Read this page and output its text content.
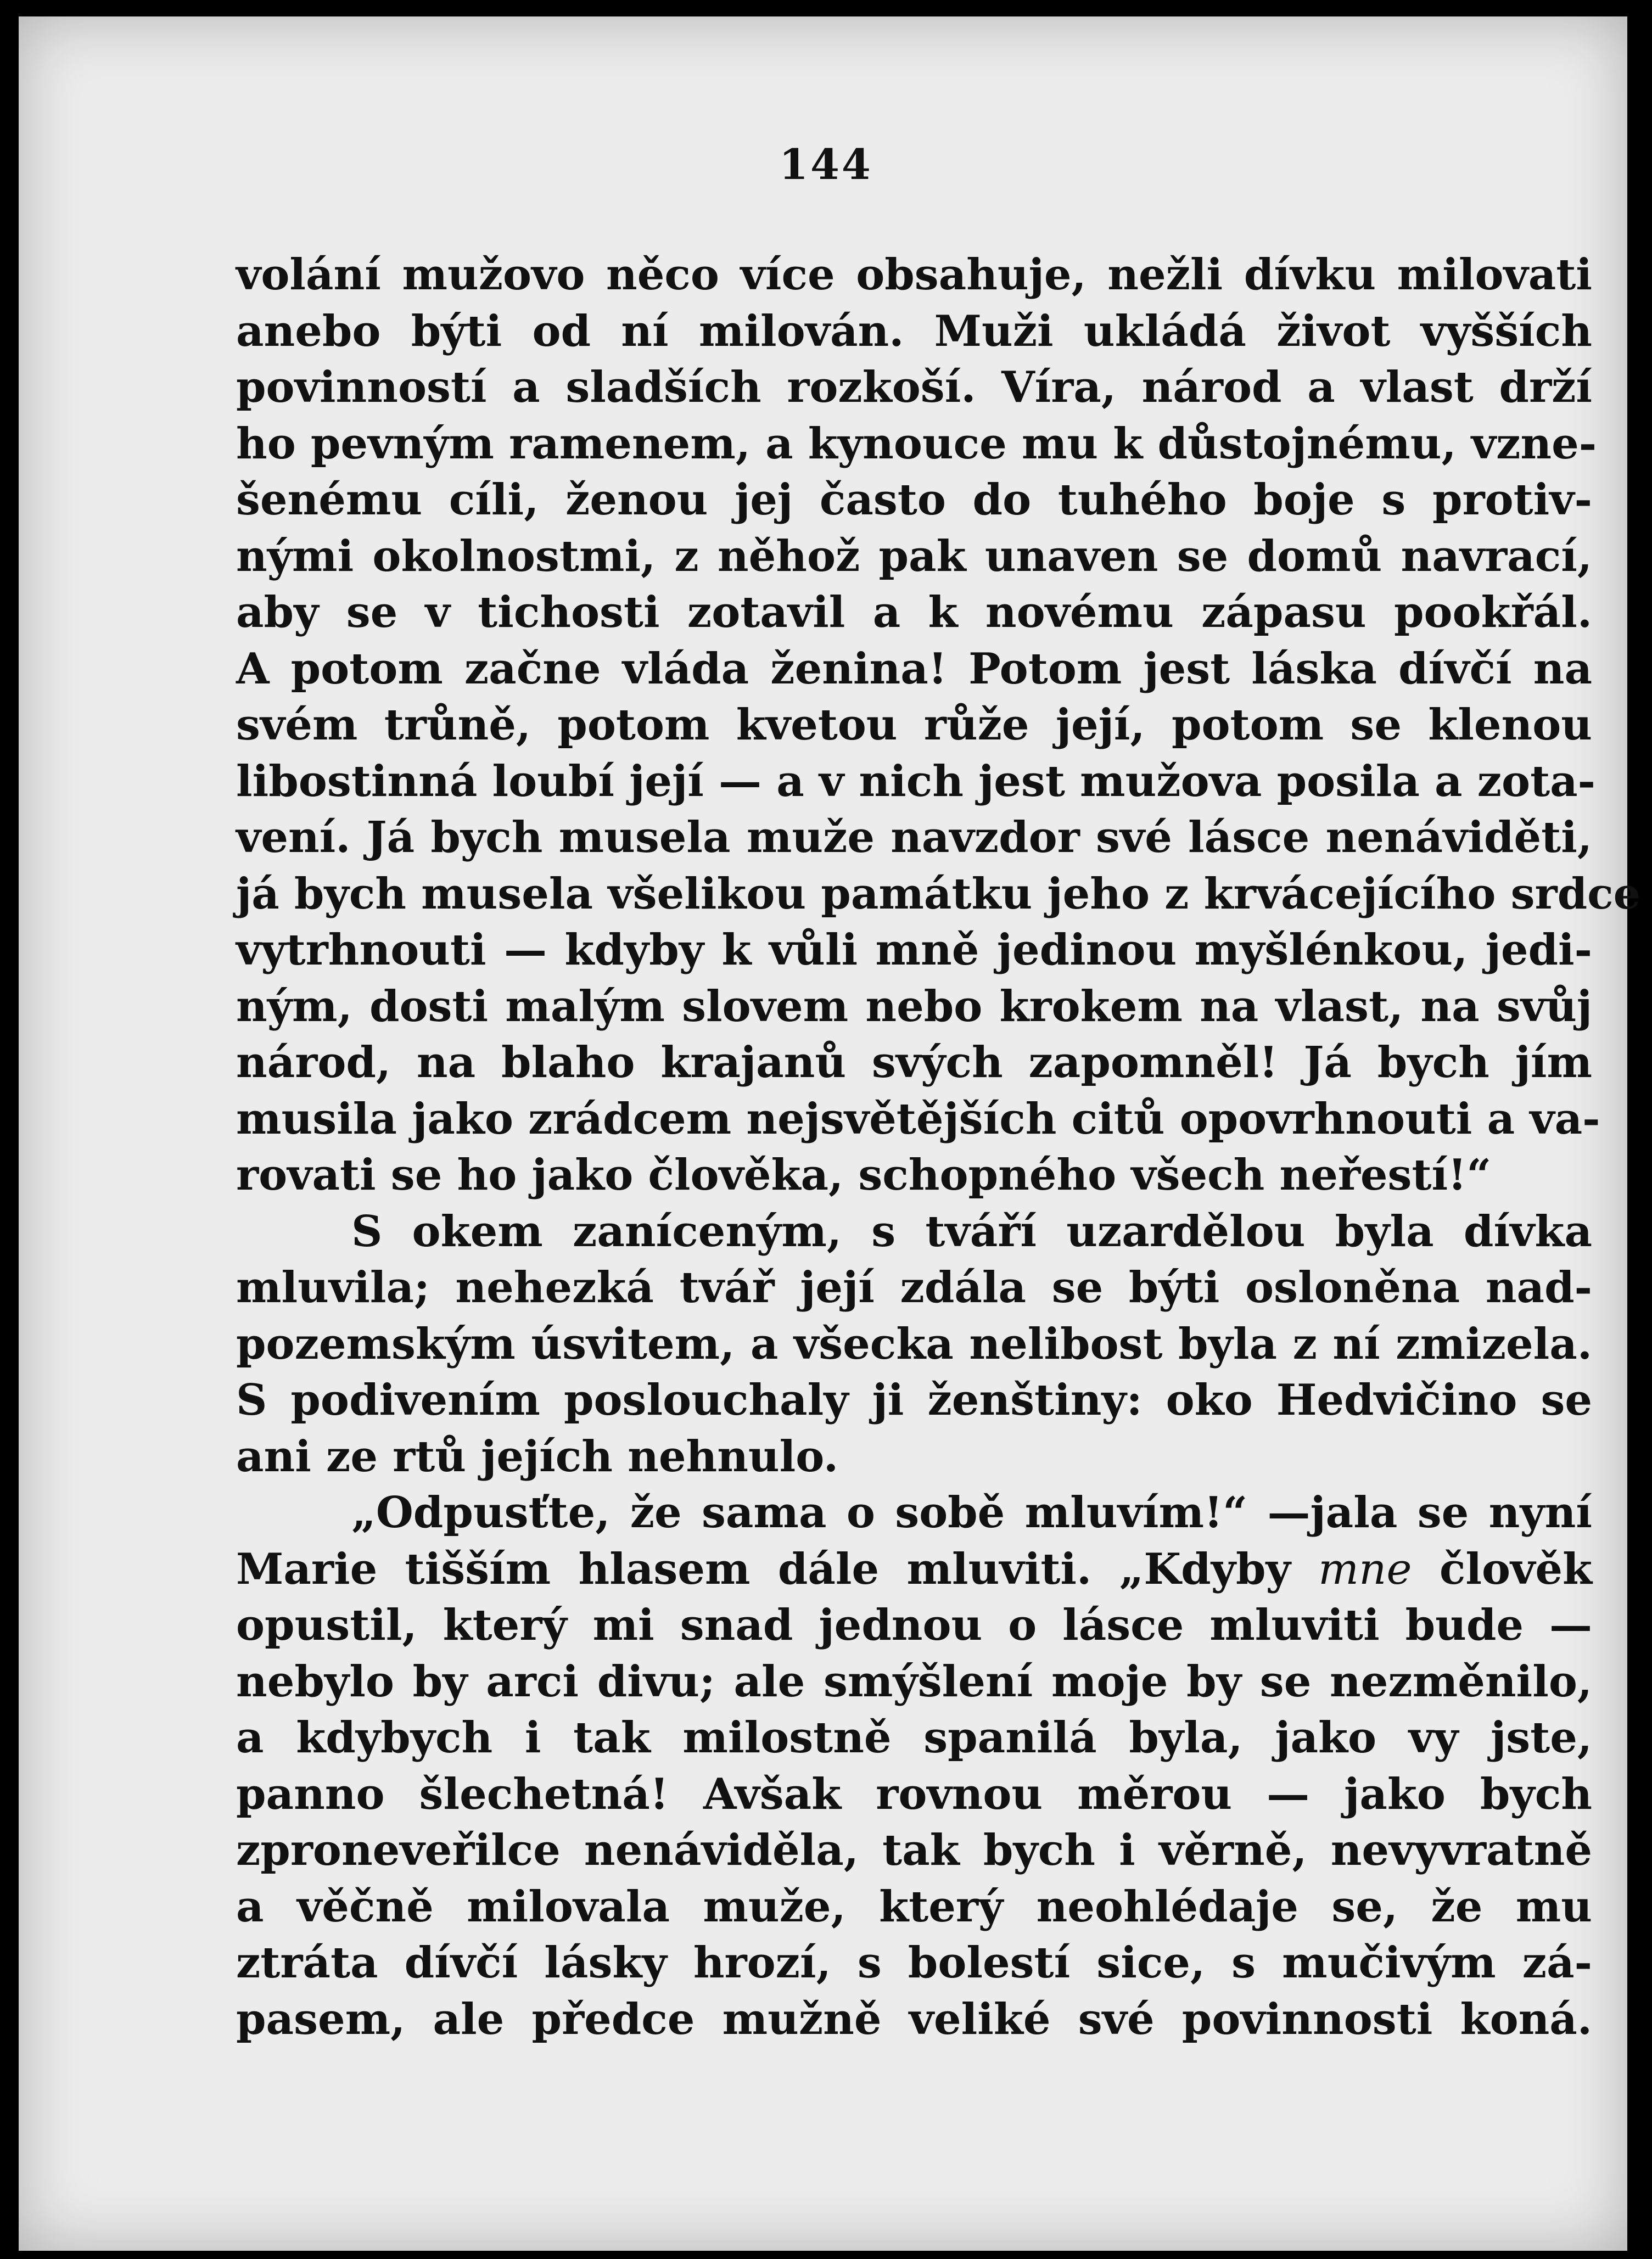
144
volání mužovo něco více obsahuje, nežli dívku milovati
anebo býti od ní milován. Muži ukládá život vyšších
povinností a sladších rozkoší. Víra, národ a vlast drží
ho pevným ramenem, a kynouce mu k důstojnému, vzne-
šenému cíli, ženou jej často do tuhého boje s protiv-
nými okolnostmi, z něhož pak unaven se domů navrací,
aby se v tichosti zotavil a k novému zápasu pookřál.
A potom začne vláda ženina! Potom jest láska dívčí na
svém trůně, potom kvetou růže její, potom se klenou
libostinná loubí její — a v nich jest mužova posila a zota-
vení. Já bych musela muže navzdor své lásce nenáviděti,
já bych musela všelikou památku jeho z krvácejícího srdce
vytrhnouti — kdyby k vůli mně jedinou myšlénkou, jedi-
ným, dosti malým slovem nebo krokem na vlast, na svůj
národ, na blaho krajanů svých zapomněl! Já bych jím
musila jako zrádcem nejsvětějších citů opovrhnouti a va-
rovati se ho jako člověka, schopného všech neřestí!“
S okem zaníceným, s tváří uzardělou byla dívka
mluvila; nehezká tvář její zdála se býti osloněna nad-
pozemským úsvitem, a všecka nelibost byla z ní zmizela.
S podivením poslouchaly ji ženštiny: oko Hedvičino se
ani ze rtů jejích nehnulo.
„Odpusťte, že sama o sobě mluvím!“ —jala se nyní
Marie tišším hlasem dále mluviti. „Kdyby mne člověk
opustil, který mi snad jednou o lásce mluviti bude —
nebylo by arci divu; ale smýšlení moje by se nezměnilo,
a kdybych i tak milostně spanilá byla, jako vy jste,
panno šlechetná! Avšak rovnou měrou — jako bych
zproneveřilce nenáviděla, tak bych i věrně, nevyvratně
a věčně milovala muže, který neohlédaje se, že mu
ztráta dívčí lásky hrozí, s bolestí sice, s mučivým zá-
pasem, ale předce mužně veliké své povinnosti koná.
